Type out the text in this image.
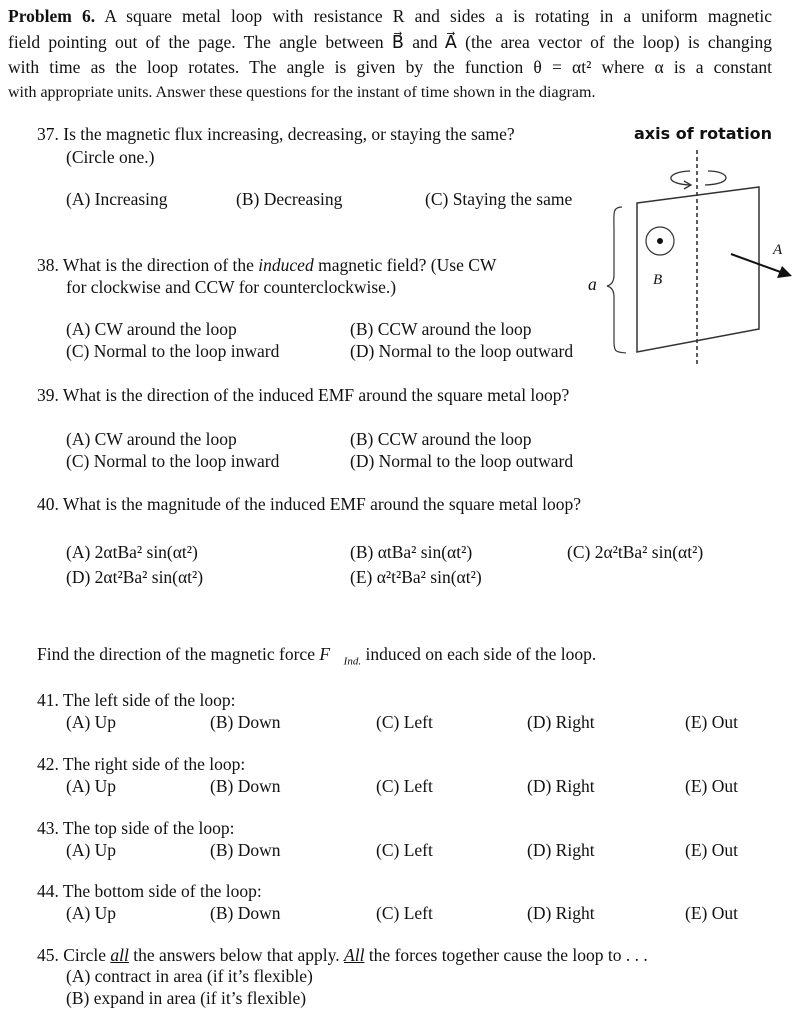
Problem 6. A square metal loop with resistance R and sides a is rotating in a uniform magnetic
field pointing out of the page. The angle between B⃗ and A⃗ (the area vector of the loop) is changing
with time as the loop rotates. The angle is given by the function θ = αt² where α is a constant
with appropriate units. Answer these questions for the instant of time shown in the diagram.
37. Is the magnetic flux increasing, decreasing, or staying the same?
(Circle one.)
(A) Increasing	(B) Decreasing	(C) Staying the same
38. What is the direction of the induced magnetic field? (Use CW
for clockwise and CCW for counterclockwise.)
(A) CW around the loop	(B) CCW around the loop
(C) Normal to the loop inward	(D) Normal to the loop outward
39. What is the direction of the induced EMF around the square metal loop?
(A) CW around the loop	(B) CCW around the loop
(C) Normal to the loop inward	(D) Normal to the loop outward
40. What is the magnitude of the induced EMF around the square metal loop?
(A) 2αtBa² sin(αt²)	(B) αtBa² sin(αt²)	(C) 2α²tBa² sin(αt²)
(D) 2αt²Ba² sin(αt²)	(E) α²t²Ba² sin(αt²)
Find the direction of the magnetic force $F⃗_{Ind.}$ induced on each side of the loop.
41. The left side of the loop:
(A) Up	(B) Down	(C) Left	(D) Right	(E) Out
42. The right side of the loop:
(A) Up	(B) Down	(C) Left	(D) Right	(E) Out
43. The top side of the loop:
(A) Up	(B) Down	(C) Left	(D) Right	(E) Out
44. The bottom side of the loop:
(A) Up	(B) Down	(C) Left	(D) Right	(E) Out
45. Circle all the answers below that apply. All the forces together cause the loop to . . .
(A) contract in area (if it’s flexible)
(B) expand in area (if it’s flexible)
axis of rotation
a	B⃗
A⃗
